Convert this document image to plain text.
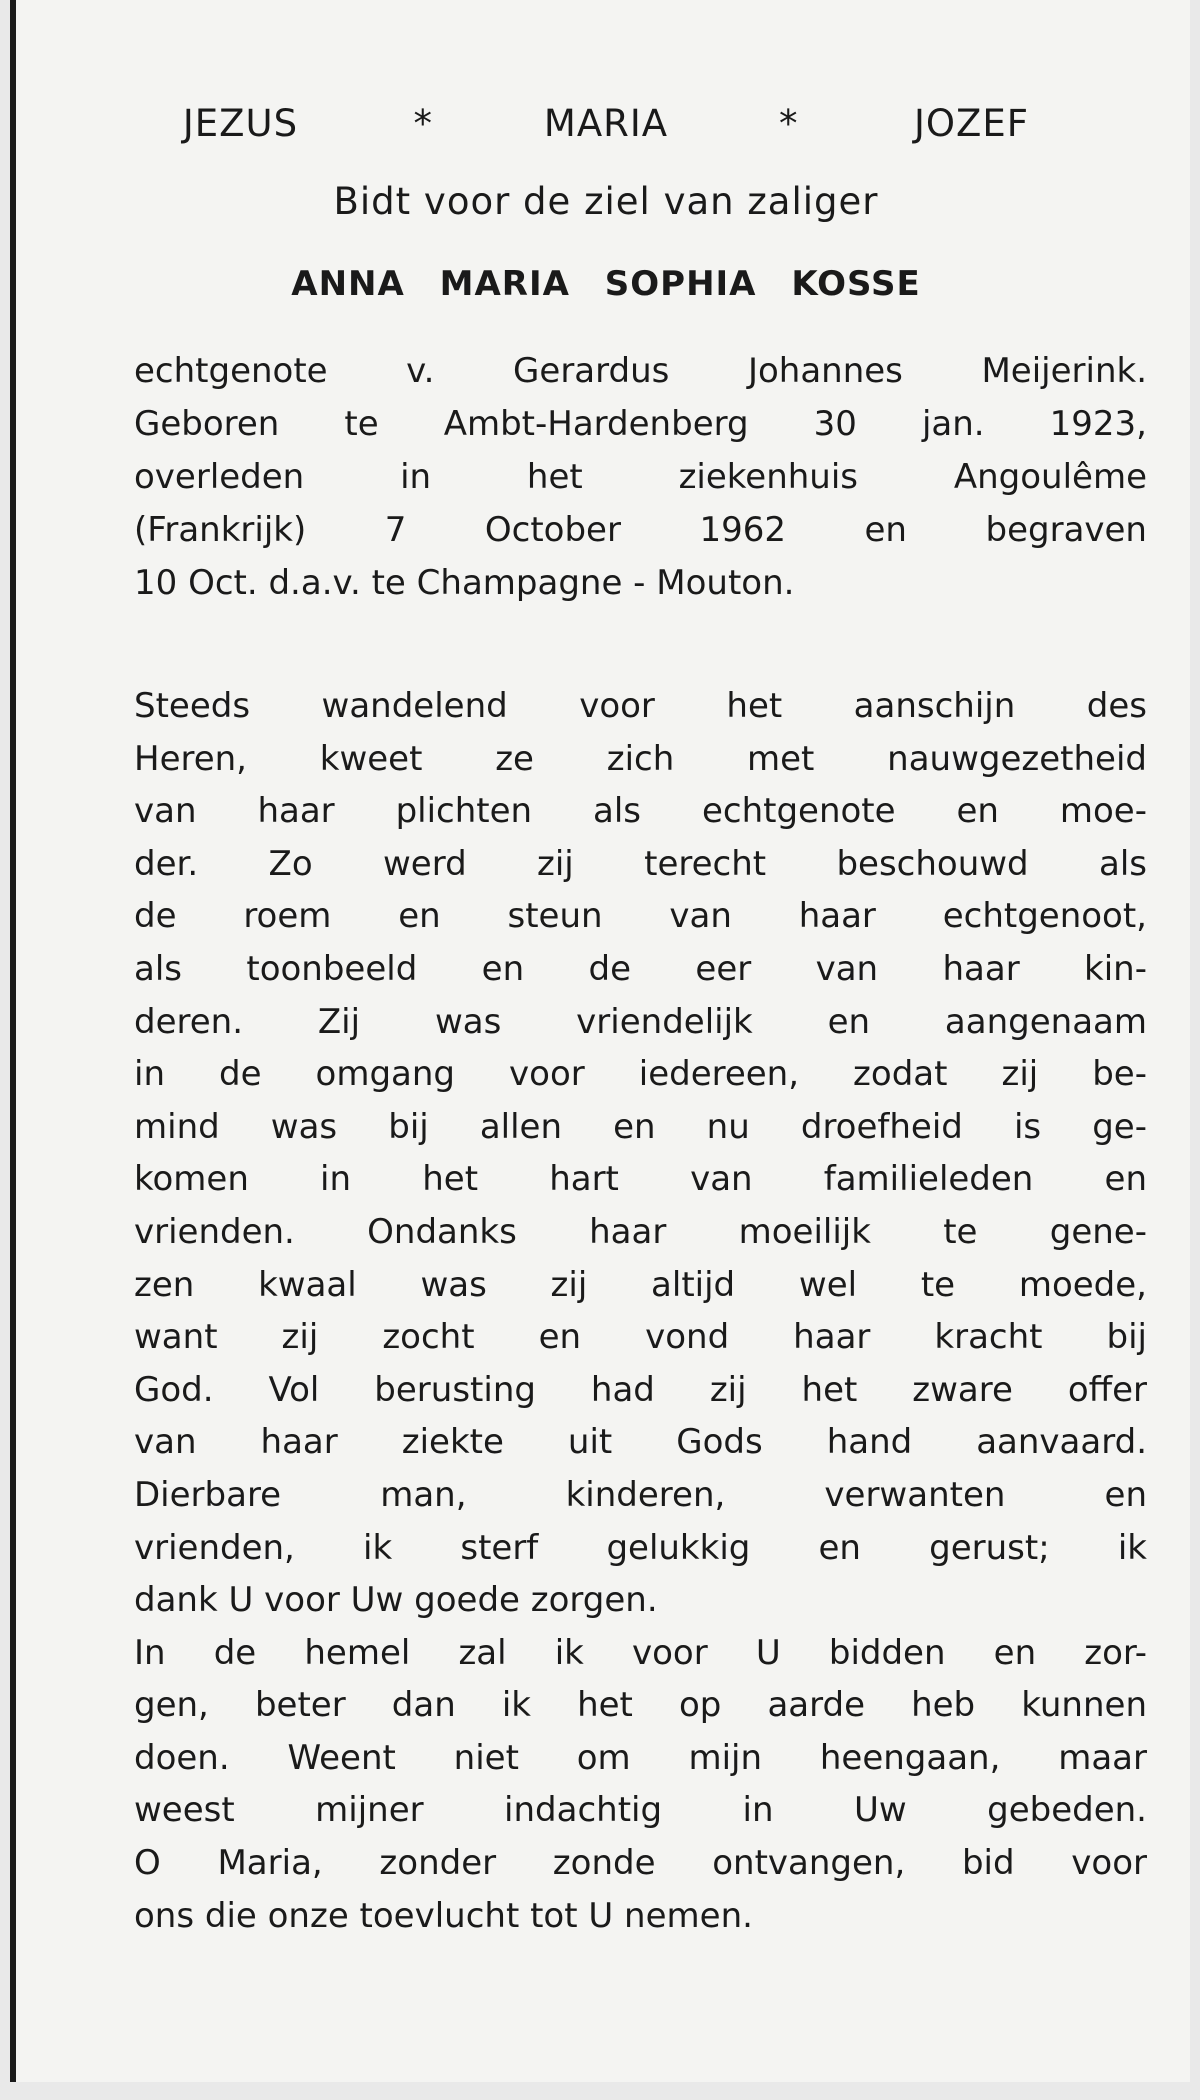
JEZUS	*	MARIA	*	JOZEF
Bidt voor de ziel van zaliger
ANNA MARIA SOPHIA KOSSE
echtgenote v. Gerardus Johannes Meijerink.
Geboren te Ambt-Hardenberg 30 jan. 1923,
overleden in het ziekenhuis Angoulême
(Frankrijk) 7 October 1962 en begraven
10 Oct. d.a.v. te Champagne - Mouton.
Steeds wandelend voor het aanschijn des
Heren, kweet ze zich met nauwgezetheid
van haar plichten als echtgenote en moe-
der. Zo werd zij terecht beschouwd als
de roem en steun van haar echtgenoot,
als toonbeeld en de eer van haar kin-
deren. Zij was vriendelijk en aangenaam
in de omgang voor iedereen, zodat zij be-
mind was bij allen en nu droefheid is ge-
komen in het hart van familieleden en
vrienden. Ondanks haar moeilijk te gene-
zen kwaal was zij altijd wel te moede,
want zij zocht en vond haar kracht bij
God. Vol berusting had zij het zware offer
van haar ziekte uit Gods hand aanvaard.
Dierbare man, kinderen, verwanten en
vrienden, ik sterf gelukkig en gerust; ik
dank U voor Uw goede zorgen.
In de hemel zal ik voor U bidden en zor-
gen, beter dan ik het op aarde heb kunnen
doen. Weent niet om mijn heengaan, maar
weest mijner indachtig in Uw gebeden.
O Maria, zonder zonde ontvangen, bid voor
ons die onze toevlucht tot U nemen.
